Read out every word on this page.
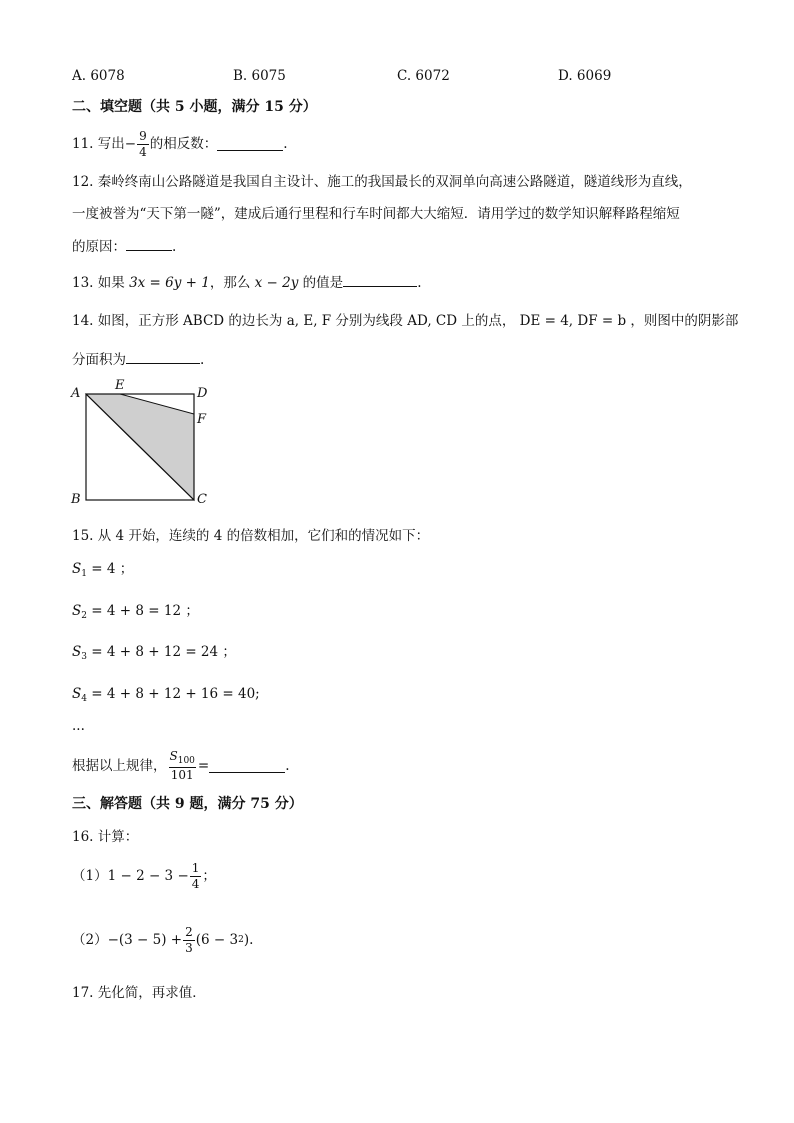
A. 6078	B. 6075	C. 6072	D. 6069
二、填空题（共 5 小题，满分 15 分）
11. 写出 − $\frac{9}{4}$ 的相反数：	.
12. 秦岭终南山公路隧道是我国自主设计、施工的我国最长的双洞单向高速公路隧道，隧道线形为直线，
一度被誉为“天下第一隧”，建成后通行里程和行车时间都大大缩短．请用学过的数学知识解释路程缩短
的原因：	.
13. 如果 3x = 6y + 1，那么 x − 2y 的值是	.
14. 如图，正方形 ABCD 的边长为 a, E, F 分别为线段 AD, CD 上的点， DE = 4, DF = b ，则图中的阴影部
分面积为	.
A
E
D
F
B	C
15. 从 4 开始，连续的 4 的倍数相加，它们和的情况如下：
$S_1 = 4$ ；
$S_2 = 4 + 8 = 12$ ；
$S_3 = 4 + 8 + 12 = 24$ ；
$S_4 = 4 + 8 + 12 + 16 = 40$;
···
根据以上规律， $\frac{S_{100}}{101}$ =	.
三、解答题（共 9 题，满分 75 分）
16. 计算：
（1） $1 - 2 - 3 - \frac{1}{4}$ ；
$(2) -(3 - 5) + \frac{2}{3} (6 - 3$ 2 ) .
17. 先化简，再求值．
